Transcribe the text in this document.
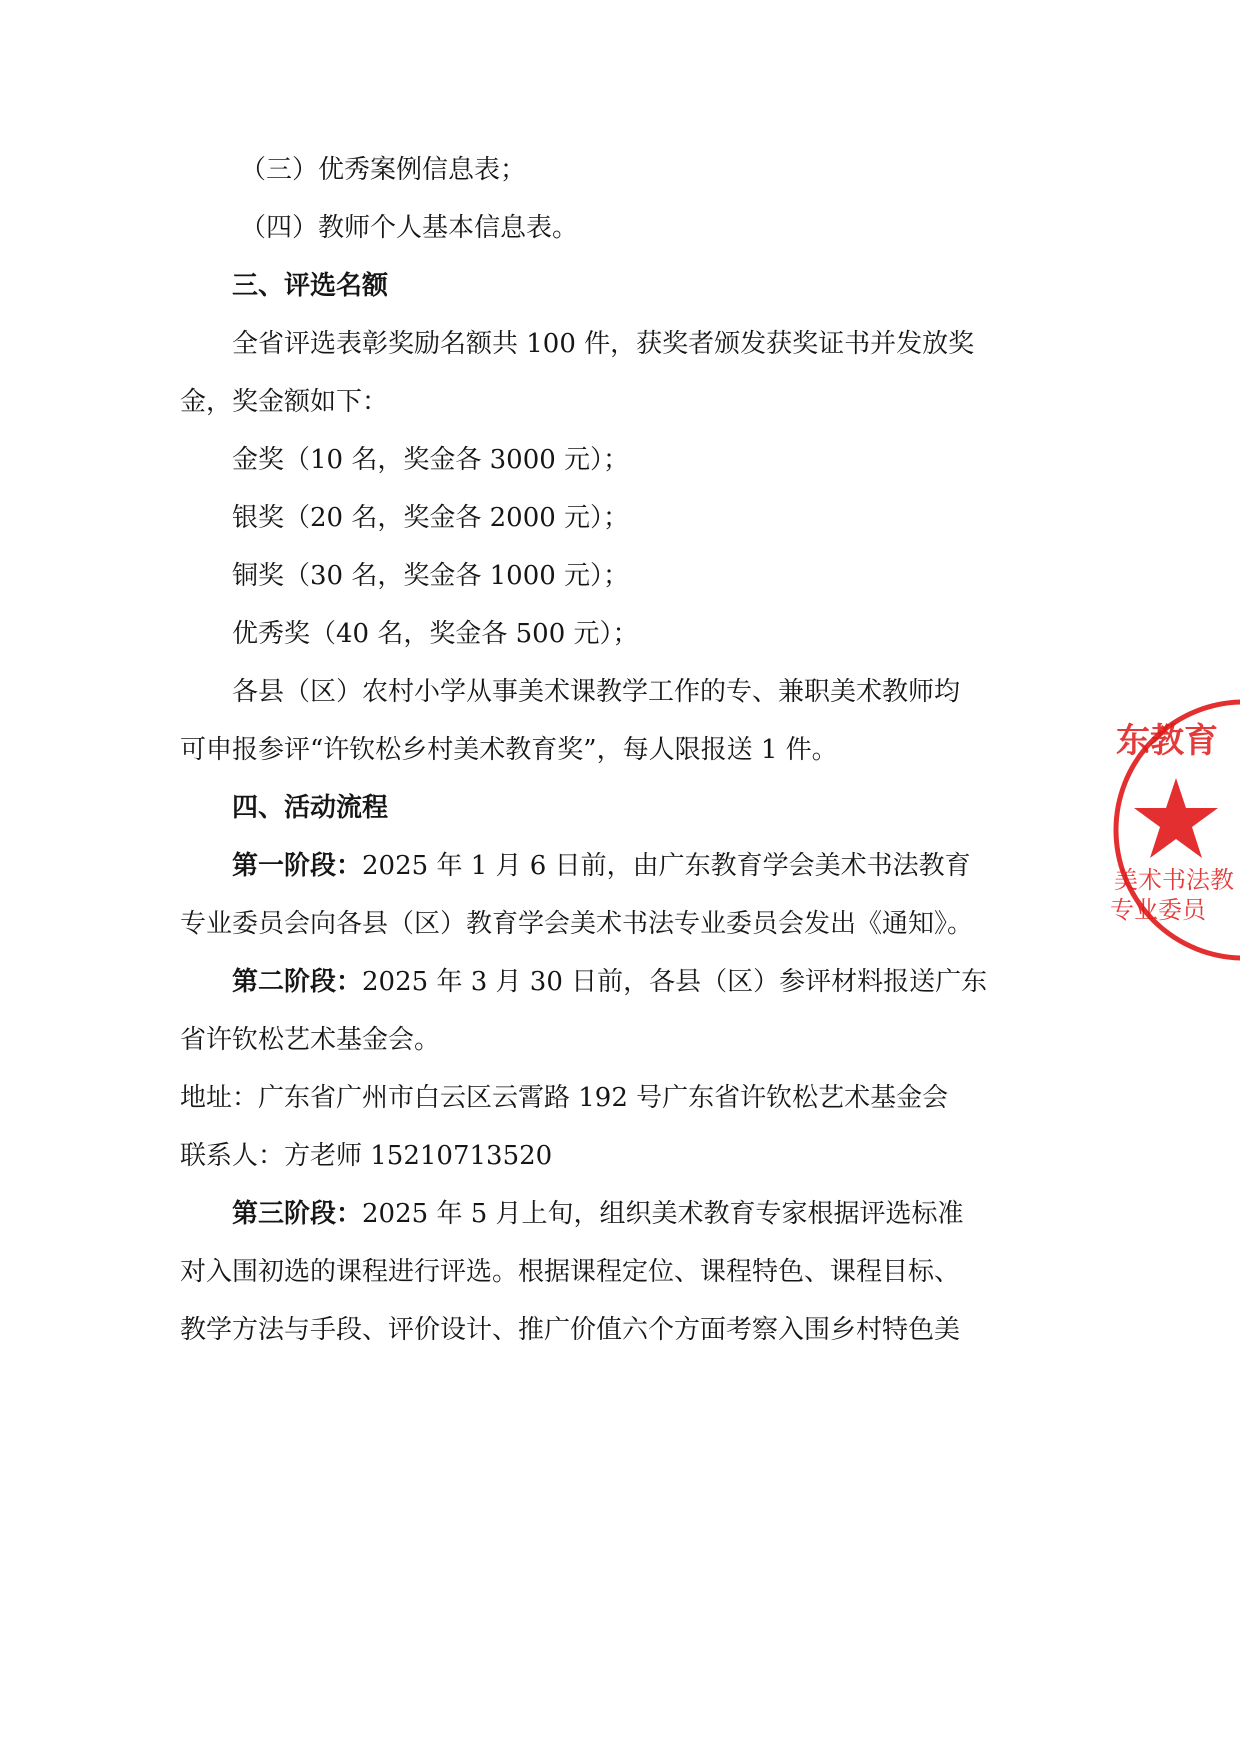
（三）优秀案例信息表；

（四）教师个人基本信息表。

三、评选名额

全省评选表彰奖励名额共 100 件，获奖者颁发获奖证书并发放奖

金，奖金额如下：

金奖（10 名，奖金各 3000 元）；

银奖（20 名，奖金各 2000 元）；

铜奖（30 名，奖金各 1000 元）；

优秀奖（40 名，奖金各 500 元）；

各县（区）农村小学从事美术课教学工作的专、兼职美术教师均

可申报参评“许钦松乡村美术教育奖”，每人限报送 1 件。

四、活动流程

第一阶段：2025 年 1 月 6 日前，由广东教育学会美术书法教育

专业委员会向各县（区）教育学会美术书法专业委员会发出《通知》。

第二阶段：2025 年 3 月 30 日前，各县（区）参评材料报送广东

省许钦松艺术基金会。

地址：广东省广州市白云区云霄路 192 号广东省许钦松艺术基金会

联系人：方老师 15210713520

第三阶段：2025 年 5 月上旬，组织美术教育专家根据评选标准

对入围初选的课程进行评选。根据课程定位、课程特色、课程目标、

教学方法与手段、评价设计、推广价值六个方面考察入围乡村特色美

东教育
美术书法教
专业委员
